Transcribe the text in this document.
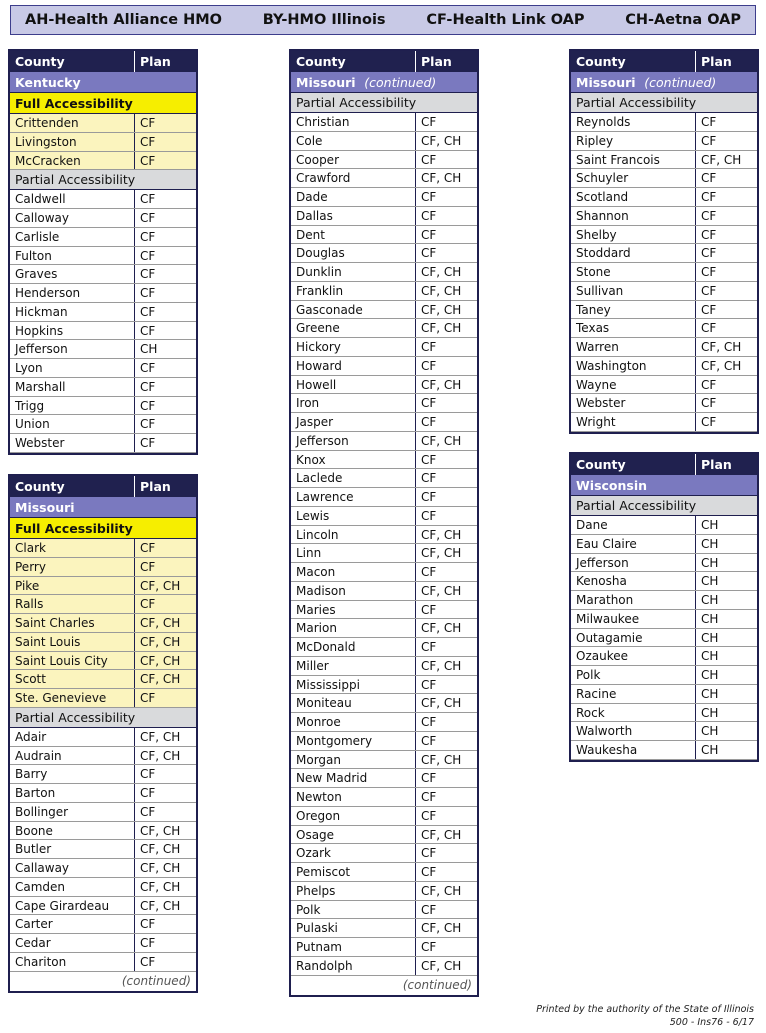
AH-Health Alliance HMO	BY-HMO Illinois	CF-Health Link OAP	CH-Aetna OAP
County	Plan
Kentucky
Full Accessibility
Crittenden	CF
Livingston	CF
McCracken	CF
Partial Accessibility
Caldwell	CF
Calloway	CF
Carlisle	CF
Fulton	CF
Graves	CF
Henderson	CF
Hickman	CF
Hopkins	CF
Jefferson	CH
Lyon	CF
Marshall	CF
Trigg	CF
Union	CF
Webster	CF
County	Plan
Missouri
Full Accessibility
Clark	CF
Perry	CF
Pike	CF, CH
Ralls	CF
Saint Charles	CF, CH
Saint Louis	CF, CH
Saint Louis City	CF, CH
Scott	CF, CH
Ste. Genevieve	CF
Partial Accessibility
Adair	CF, CH
Audrain	CF, CH
Barry	CF
Barton	CF
Bollinger	CF
Boone	CF, CH
Butler	CF, CH
Callaway	CF, CH
Camden	CF, CH
Cape Girardeau	CF, CH
Carter	CF
Cedar	CF
Chariton	CF
(continued)
County	Plan
Missouri (continued)
Partial Accessibility
Christian	CF
Cole	CF, CH
Cooper	CF
Crawford	CF, CH
Dade	CF
Dallas	CF
Dent	CF
Douglas	CF
Dunklin	CF, CH
Franklin	CF, CH
Gasconade	CF, CH
Greene	CF, CH
Hickory	CF
Howard	CF
Howell	CF, CH
Iron	CF
Jasper	CF
Jefferson	CF, CH
Knox	CF
Laclede	CF
Lawrence	CF
Lewis	CF
Lincoln	CF, CH
Linn	CF, CH
Macon	CF
Madison	CF, CH
Maries	CF
Marion	CF, CH
McDonald	CF
Miller	CF, CH
Mississippi	CF
Moniteau	CF, CH
Monroe	CF
Montgomery	CF
Morgan	CF, CH
New Madrid	CF
Newton	CF
Oregon	CF
Osage	CF, CH
Ozark	CF
Pemiscot	CF
Phelps	CF, CH
Polk	CF
Pulaski	CF, CH
Putnam	CF
Randolph	CF, CH
(continued)
County	Plan
Missouri (continued)
Partial Accessibility
Reynolds	CF
Ripley	CF
Saint Francois	CF, CH
Schuyler	CF
Scotland	CF
Shannon	CF
Shelby	CF
Stoddard	CF
Stone	CF
Sullivan	CF
Taney	CF
Texas	CF
Warren	CF, CH
Washington	CF, CH
Wayne	CF
Webster	CF
Wright	CF
County	Plan
Wisconsin
Partial Accessibility
Dane	CH
Eau Claire	CH
Jefferson	CH
Kenosha	CH
Marathon	CH
Milwaukee	CH
Outagamie	CH
Ozaukee	CH
Polk	CH
Racine	CH
Rock	CH
Walworth	CH
Waukesha	CH
Printed by the authority of the State of Illinois
500 - Ins76 - 6/17
